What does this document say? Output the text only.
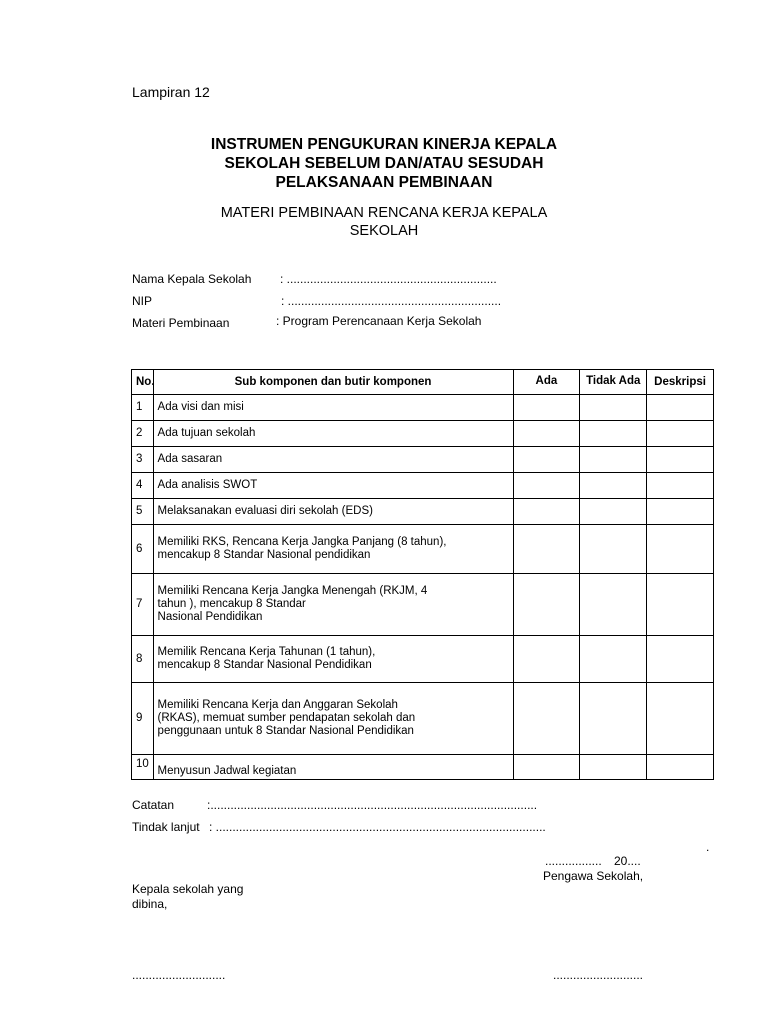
Lampiran 12
INSTRUMEN PENGUKURAN KINERJA KEPALA
SEKOLAH SEBELUM DAN/ATAU SESUDAH
PELAKSANAAN PEMBINAAN
MATERI PEMBINAAN RENCANA KERJA KEPALA
SEKOLAH
Nama Kepala Sekolah : ...............................................................
NIP	: ................................................................
Materi Pembinaan	: Program Perencanaan Kerja Sekolah
No.	Sub komponen dan butir komponen	Ada	Tidak Ada	Deskripsi
1	Ada visi dan misi			

2	Ada tujuan sekolah			

3	Ada sasaran			

4	Ada analisis SWOT			

5	Melaksanakan evaluasi diri sekolah (EDS)			

6	Memiliki RKS, Rencana Kerja Jangka Panjang (8 tahun),
mencakup 8 Standar Nasional pendidikan			

7	Memiliki Rencana Kerja Jangka Menengah (RKJM, 4
tahun ), mencakup 8 Standar
Nasional Pendidikan			

8	Memilik Rencana Kerja Tahunan (1 tahun),
mencakup 8 Standar Nasional Pendidikan			

9	Memiliki Rencana Kerja dan Anggaran Sekolah
(RKAS), memuat sumber pendapatan sekolah dan
penggunaan untuk 8 Standar Nasional Pendidikan			

10	Menyusun Jadwal kegiatan			

Catatan	:..................................................................................................
Tindak lanjut : ...................................................................................................
.
................. 20....
Pengawa Sekolah,
Kepala sekolah yang
dibina,
............................	...........................
